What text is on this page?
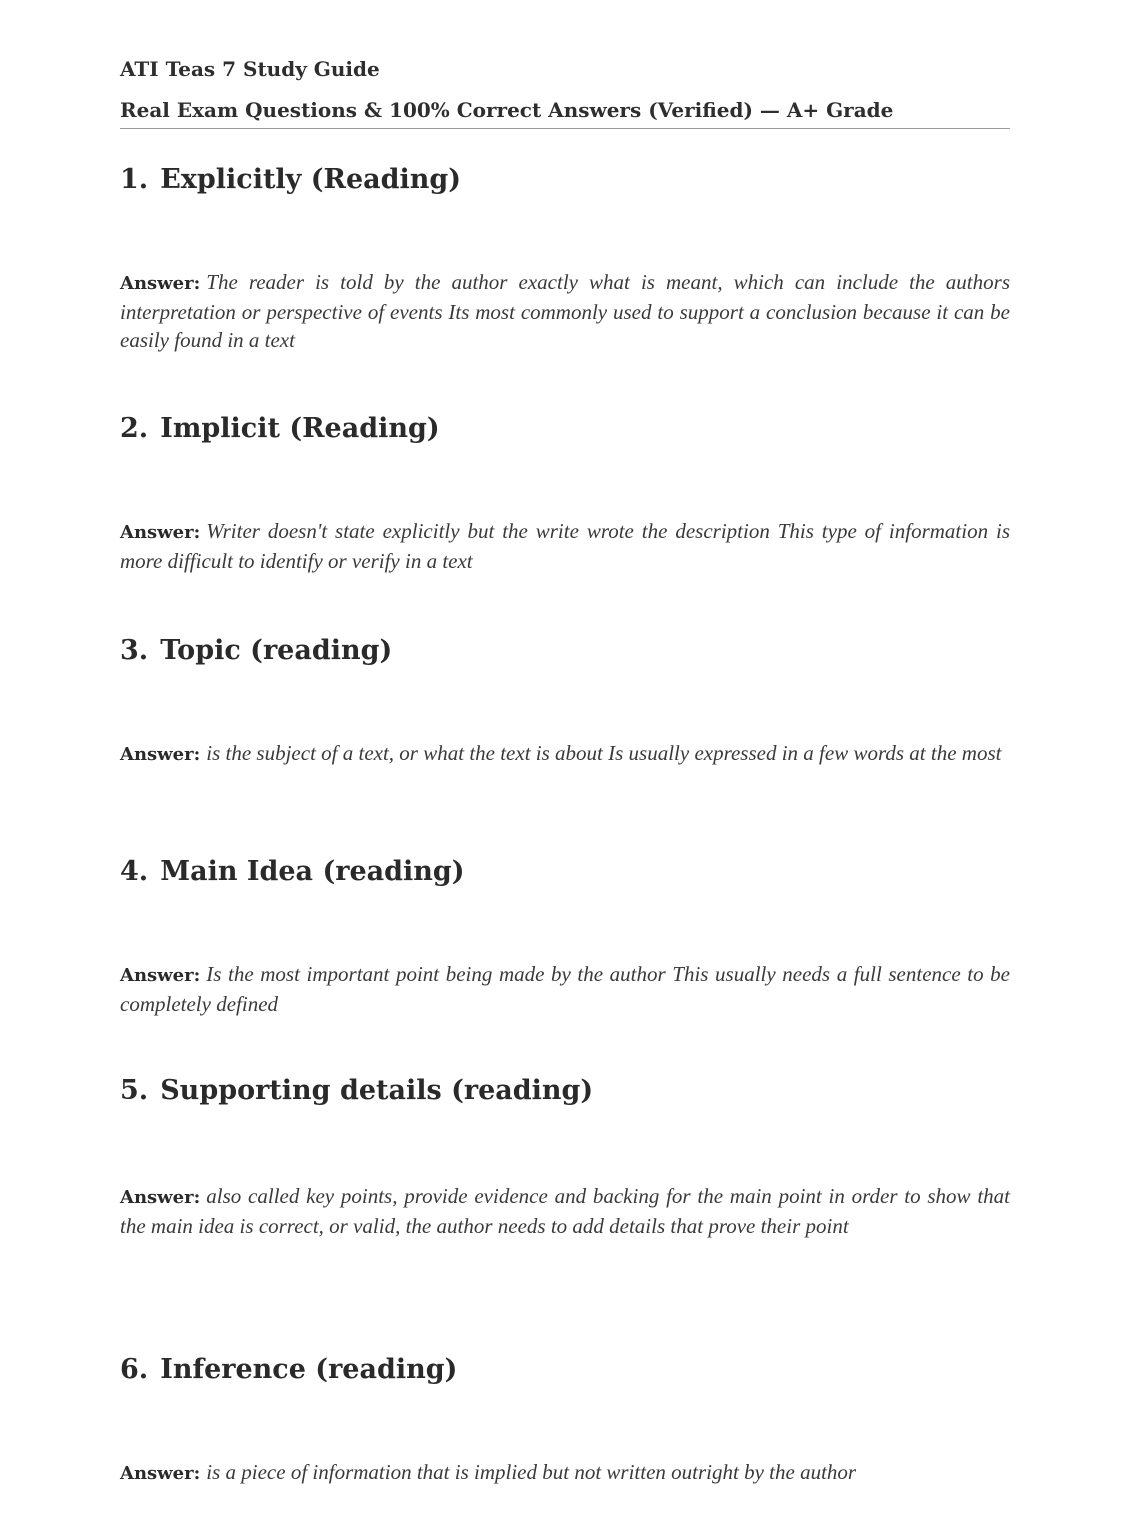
ATI Teas 7 Study Guide
Real Exam Questions & 100% Correct Answers (Verified) — A+ Grade
1. Explicitly (Reading)
Answer: The reader is told by the author exactly what is meant, which can include the authors interpretation or perspective of events Its most commonly used to support a conclusion because it can be easily found in a text
2. Implicit (Reading)
Answer: Writer doesn't state explicitly but the write wrote the description This type of information is more difficult to identify or verify in a text
3. Topic (reading)
Answer: is the subject of a text, or what the text is about Is usually expressed in a few words at the most
4. Main Idea (reading)
Answer: Is the most important point being made by the author This usually needs a full sentence to be completely defined
5. Supporting details (reading)
Answer: also called key points, provide evidence and backing for the main point in order to show that the main idea is correct, or valid, the author needs to add details that prove their point
6. Inference (reading)
Answer: is a piece of information that is implied but not written outright by the author
